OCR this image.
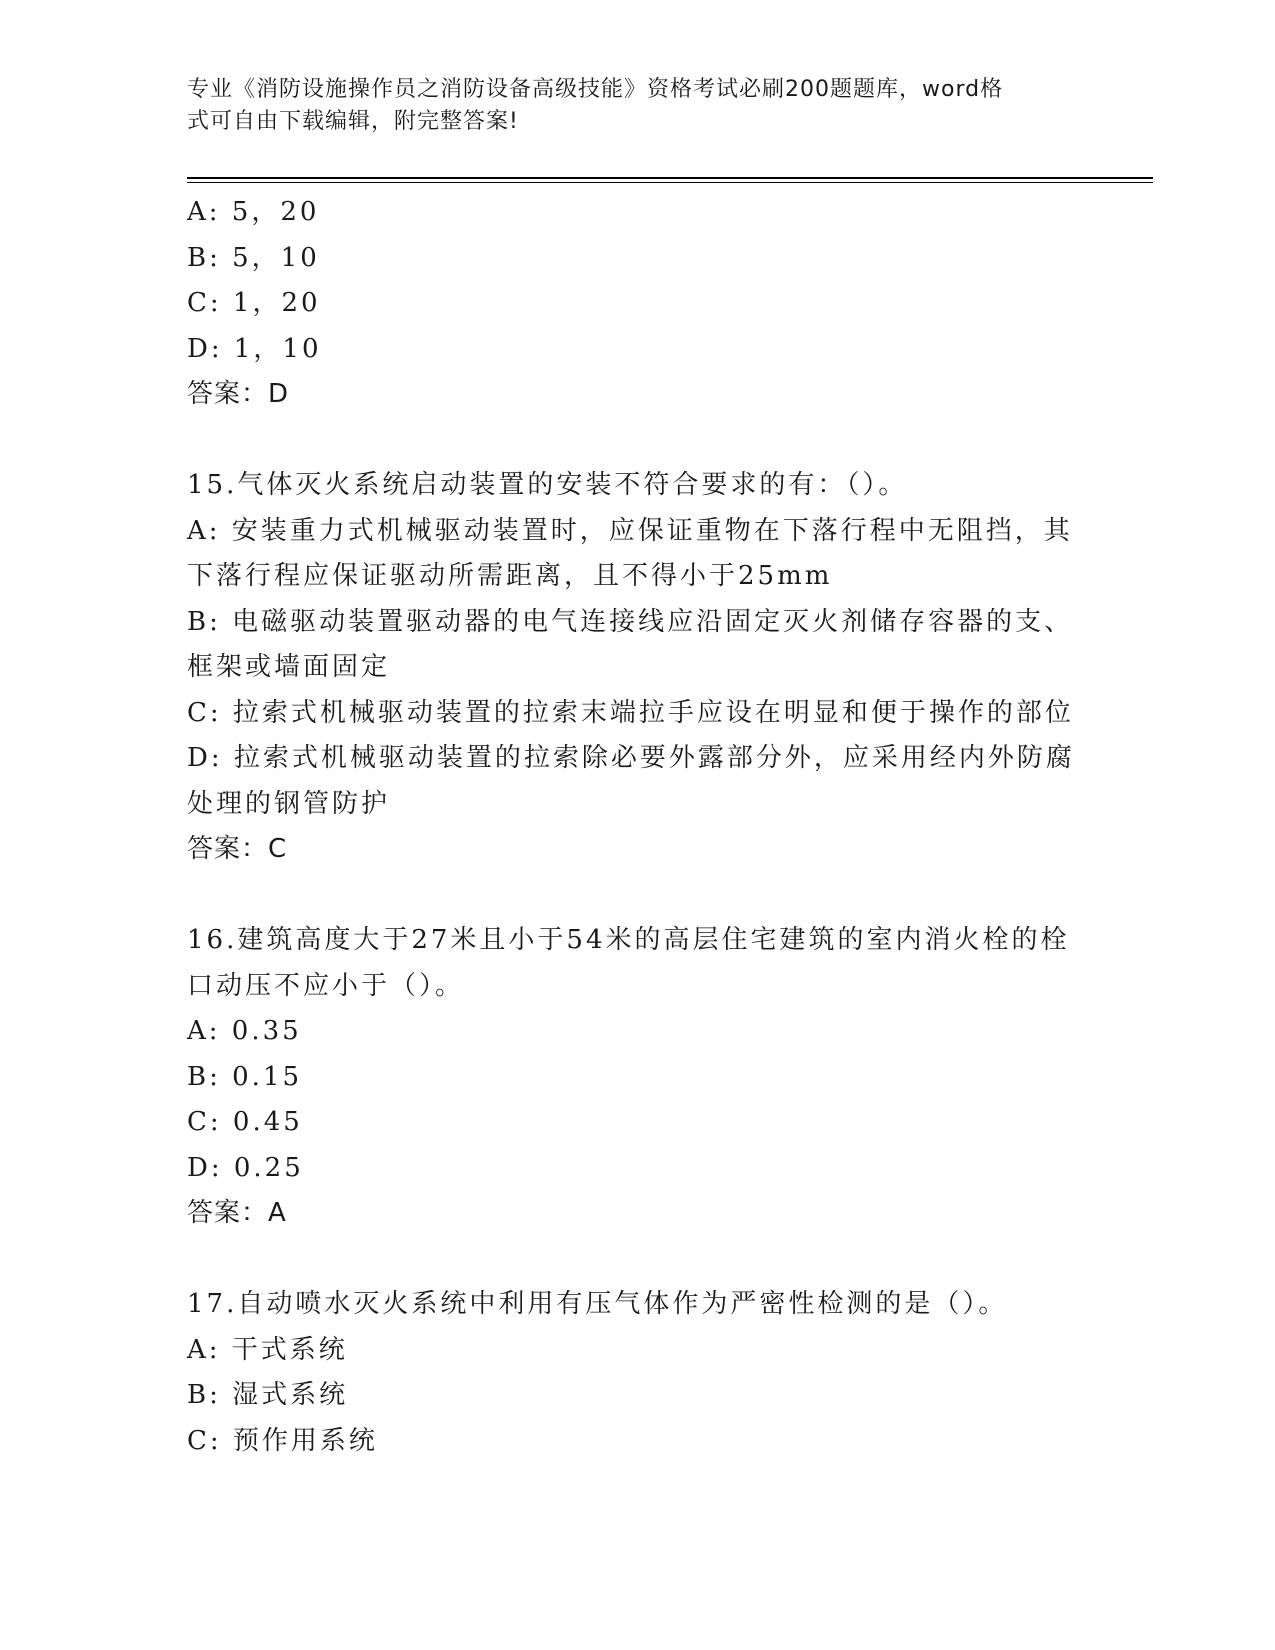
专业《消防设施操作员之消防设备高级技能》资格考试必刷200题题库，word格
式可自由下载编辑，附完整答案!
A: 5，20
B: 5，10
C: 1，20
D: 1，10
答案：D
15.气体灭火系统启动装置的安装不符合要求的有：（）。
A: 安装重力式机械驱动装置时，应保证重物在下落行程中无阻挡，其
下落行程应保证驱动所需距离，且不得小于25mm
B: 电磁驱动装置驱动器的电气连接线应沿固定灭火剂储存容器的支、
框架或墙面固定
C: 拉索式机械驱动装置的拉索末端拉手应设在明显和便于操作的部位
D: 拉索式机械驱动装置的拉索除必要外露部分外，应采用经内外防腐
处理的钢管防护
答案：C
16.建筑高度大于27米且小于54米的高层住宅建筑的室内消火栓的栓
口动压不应小于（）。
A: 0.35
B: 0.15
C: 0.45
D: 0.25
答案：A
17.自动喷水灭火系统中利用有压气体作为严密性检测的是（）。
A: 干式系统
B: 湿式系统
C: 预作用系统
